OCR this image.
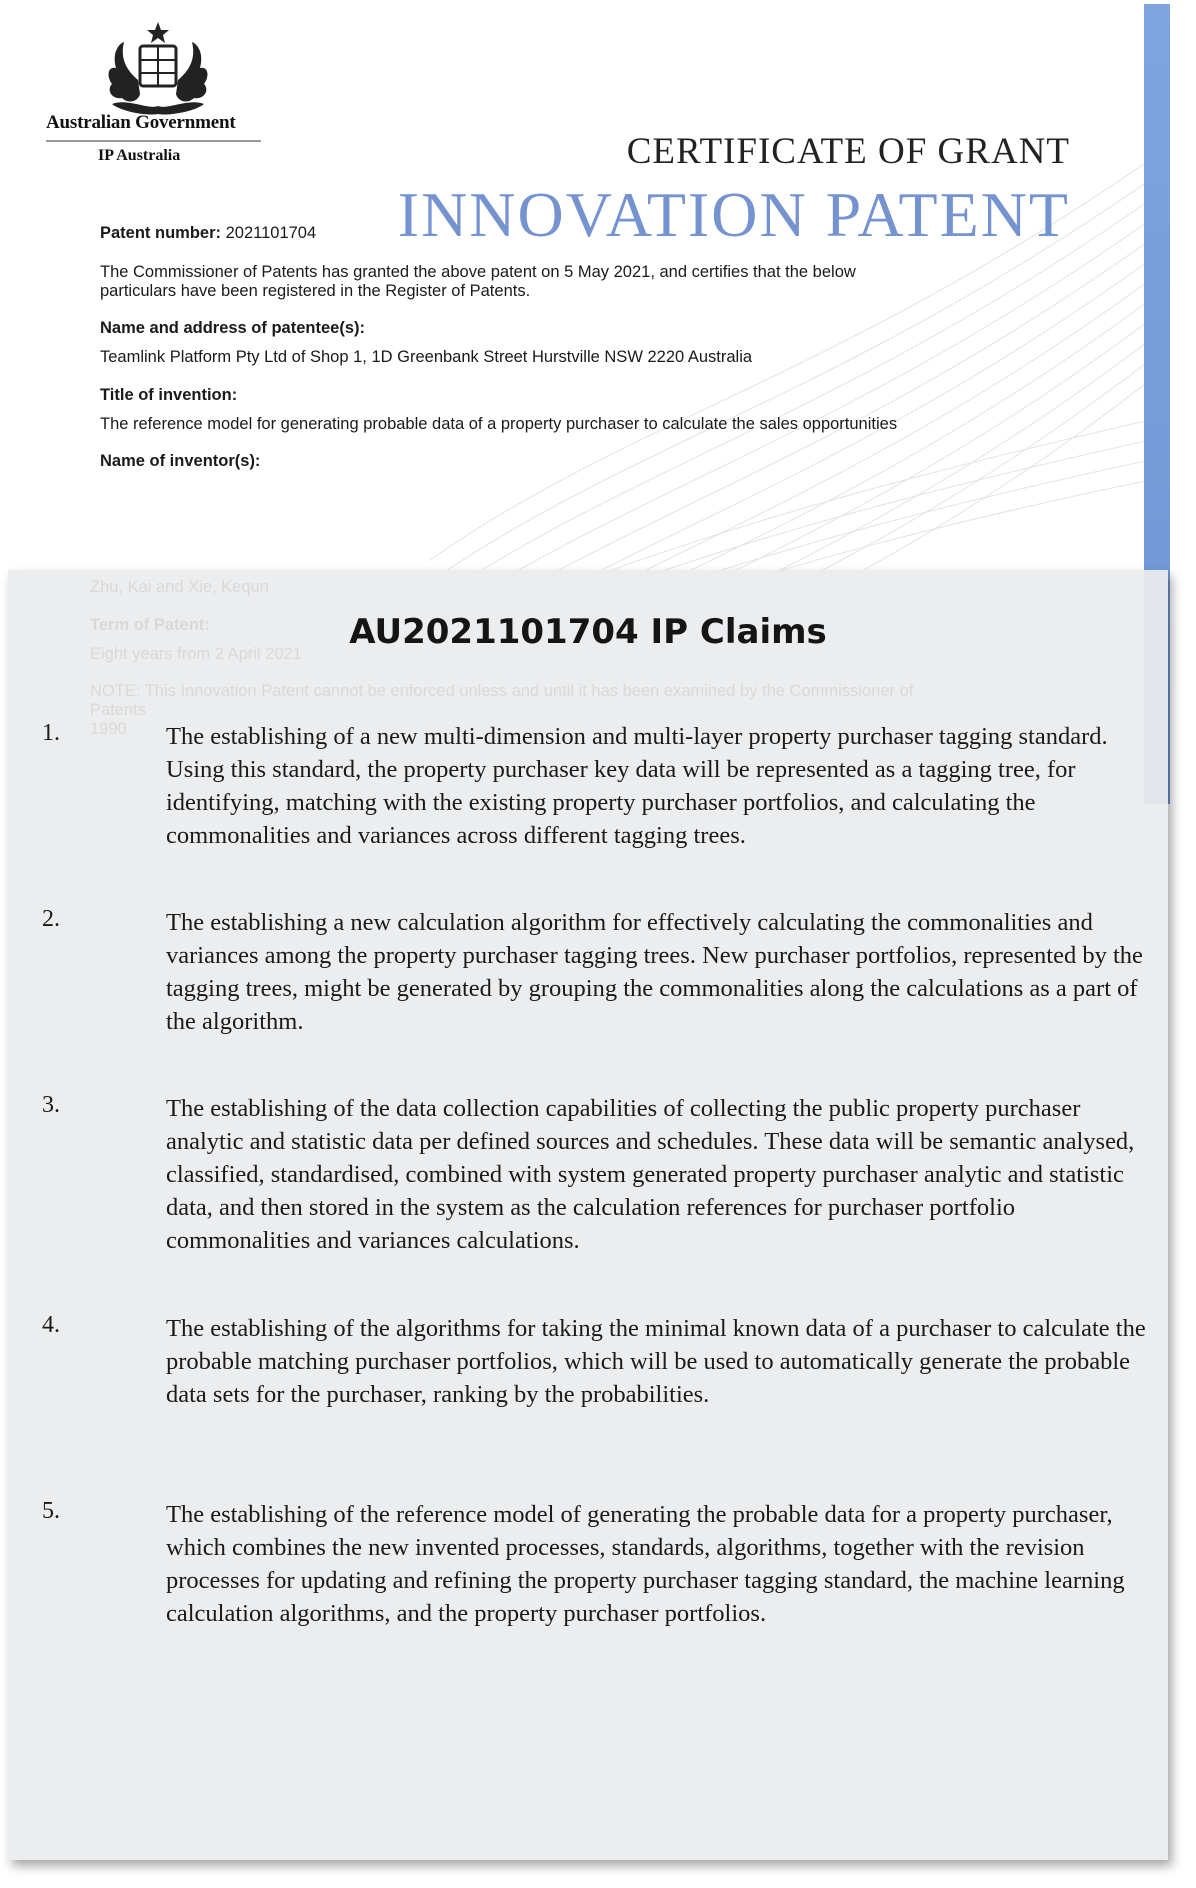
Australian Government
IP Australia	CERTIFICATE OF GRANT
INNOVATION PATENT
Patent number: 2021101704
The Commissioner of Patents has granted the above patent on 5 May 2021, and certifies that the below
particulars have been registered in the Register of Patents.
Name and address of patentee(s):
Teamlink Platform Pty Ltd of Shop 1, 1D Greenbank Street Hurstville NSW 2220 Australia
Title of invention:
The reference model for generating probable data of a property purchaser to calculate the sales opportunities
Name of inventor(s):
Zhu, Kai and Xie, Kequn
Term of Patent:
Eight years from 2 April 2021
NOTE: This Innovation Patent cannot be enforced unless and until it has been examined by the Commissioner of
Patents
1990
AU2021101704 IP Claims
1.	The establishing of a new multi-dimension and multi-layer property purchaser tagging standard. Using this standard, the property purchaser key data will be represented as a tagging tree, for identifying, matching with the existing property purchaser portfolios, and calculating the commonalities and variances across different tagging trees.
2.	The establishing a new calculation algorithm for effectively calculating the commonalities and variances among the property purchaser tagging trees. New purchaser portfolios, represented by the tagging trees, might be generated by grouping the commonalities along the calculations as a part of the algorithm.
3.	The establishing of the data collection capabilities of collecting the public property purchaser analytic and statistic data per defined sources and schedules. These data will be semantic analysed, classified, standardised, combined with system generated property purchaser analytic and statistic data, and then stored in the system as the calculation references for purchaser portfolio commonalities and variances calculations.
4.	The establishing of the algorithms for taking the minimal known data of a purchaser to calculate the probable matching purchaser portfolios, which will be used to automatically generate the probable data sets for the purchaser, ranking by the probabilities.
5.	The establishing of the reference model of generating the probable data for a property purchaser, which combines the new invented processes, standards, algorithms, together with the revision processes for updating and refining the property purchaser tagging standard, the machine learning calculation algorithms, and the property purchaser portfolios.
